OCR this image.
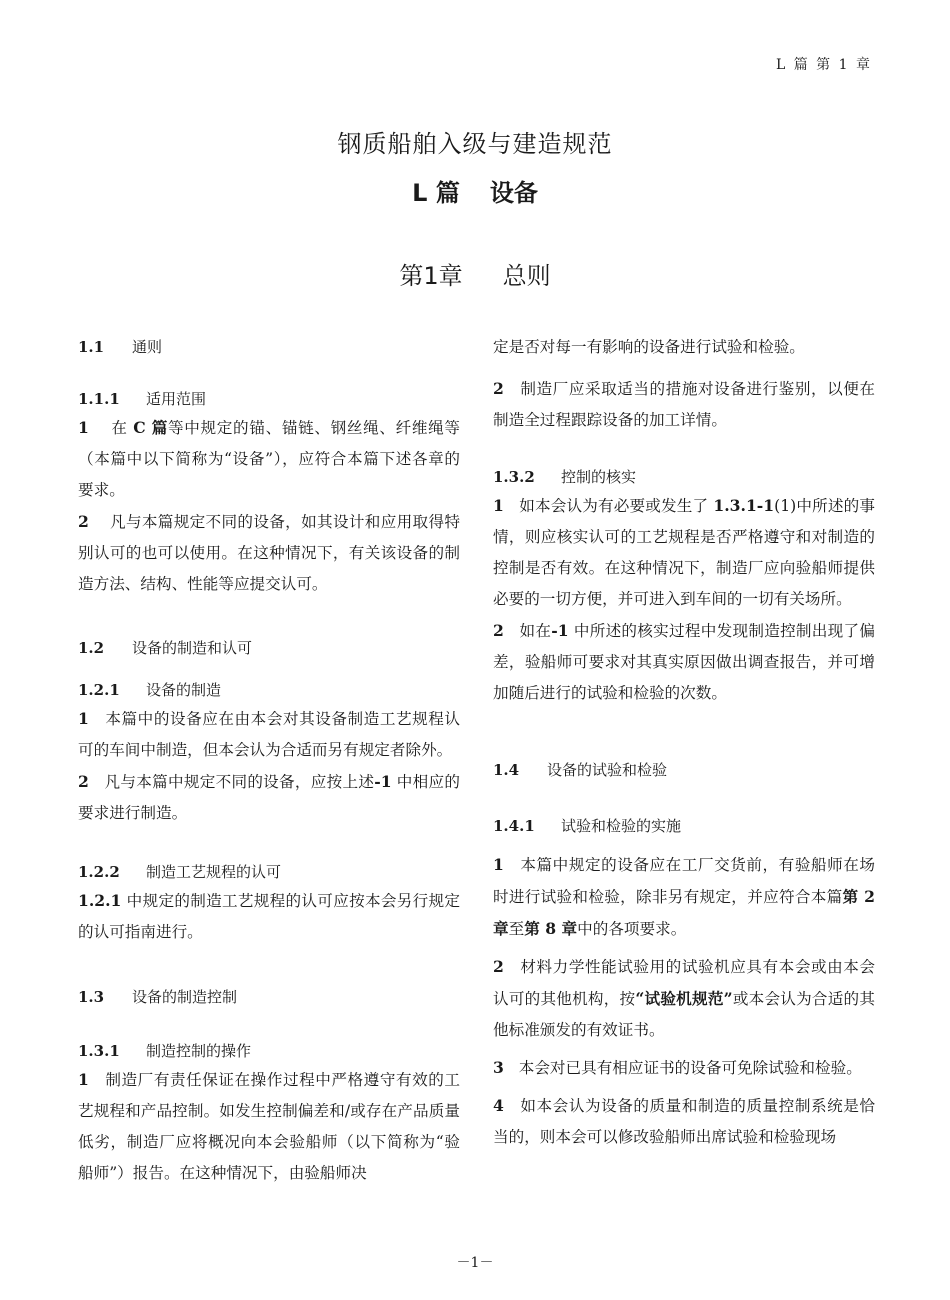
L 篇 第 1 章
钢质船舶入级与建造规范
L 篇 设备
第1章 总则
1.1 通则
1.1.1 适用范围

1 在 C 篇等中规定的锚、锚链、钢丝绳、纤维绳等（本篇中以下简称为“设备”），应符合本篇下述各章的要求。

2 凡与本篇规定不同的设备，如其设计和应用取得特别认可的也可以使用。在这种情况下，有关该设备的制造方法、结构、性能等应提交认可。

1.2 设备的制造和认可
1.2.1 设备的制造

1 本篇中的设备应在由本会对其设备制造工艺规程认可的车间中制造，但本会认为合适而另有规定者除外。

2 凡与本篇中规定不同的设备，应按上述-1 中相应的要求进行制造。

1.2.2 制造工艺规程的认可

1.2.1 中规定的制造工艺规程的认可应按本会另行规定的认可指南进行。

1.3 设备的制造控制
1.3.1 制造控制的操作

1 制造厂有责任保证在操作过程中严格遵守有效的工艺规程和产品控制。如发生控制偏差和/或存在产品质量低劣，制造厂应将概况向本会验船师（以下简称为“验船师”）报告。在这种情况下，由验船师决

定是否对每一有影响的设备进行试验和检验。

2 制造厂应采取适当的措施对设备进行鉴别，以便在制造全过程跟踪设备的加工详情。

1.3.2 控制的核实

1 如本会认为有必要或发生了 1.3.1-1(1)中所述的事情，则应核实认可的工艺规程是否严格遵守和对制造的控制是否有效。在这种情况下，制造厂应向验船师提供必要的一切方便，并可进入到车间的一切有关场所。

2 如在-1 中所述的核实过程中发现制造控制出现了偏差，验船师可要求对其真实原因做出调查报告，并可增加随后进行的试验和检验的次数。

1.4 设备的试验和检验
1.4.1 试验和检验的实施

1 本篇中规定的设备应在工厂交货前，有验船师在场时进行试验和检验，除非另有规定，并应符合本篇第 2 章至第 8 章中的各项要求。

2 材料力学性能试验用的试验机应具有本会或由本会认可的其他机构，按“试验机规范”或本会认为合适的其他标准颁发的有效证书。

3 本会对已具有相应证书的设备可免除试验和检验。

4 如本会认为设备的质量和制造的质量控制系统是恰当的，则本会可以修改验船师出席试验和检验现场

－1－
